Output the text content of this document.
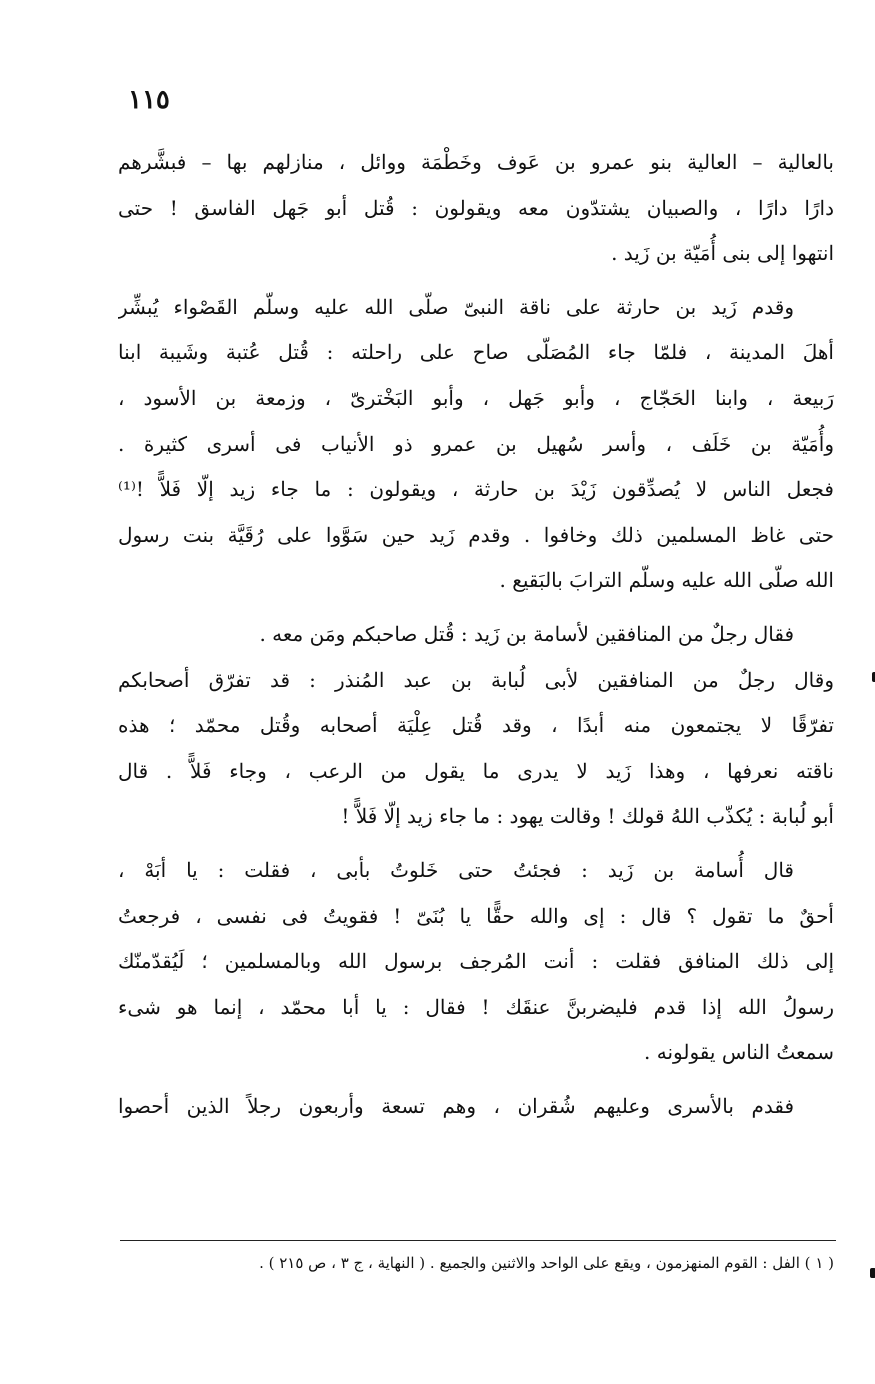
١١٥
بالعالية – العالية بنو عمرو بن عَوف وخَطْمَة ووائل ، منازلهم بها – فبشَّرهم
دارًا دارًا ، والصبيان يشتدّون معه ويقولون : قُتل أبو جَهل الفاسق ! حتى
انتهوا إلى بنى أُمَيّة بن زَيد .
وقدم زَيد بن حارثة على ناقة النبىّ صلّى الله عليه وسلّم القَصْواء يُبشِّر
أهلَ المدينة ، فلمّا جاء المُصَلّى صاح على راحلته : قُتل عُتبة وشَيبة ابنا
رَبيعة ، وابنا الحَجّاج ، وأبو جَهل ، وأبو البَخْترىّ ، وزمعة بن الأسود ،
وأُمَيّة بن خَلَف ، وأسر سُهيل بن عمرو ذو الأنياب فى أسرى كثيرة .
فجعل الناس لا يُصدِّقون زَيْدَ بن حارثة ، ويقولون : ما جاء زيد إلّا فَلاًّ !⁽¹⁾
حتى غاظ المسلمين ذلك وخافوا . وقدم زَيد حين سَوَّوا على رُقَيَّة بنت رسول
الله صلّى الله عليه وسلّم الترابَ بالبَقيع .
فقال رجلٌ من المنافقين لأسامة بن زَيد : قُتل صاحبكم ومَن معه .
وقال رجلٌ من المنافقين لأبى لُبابة بن عبد المُنذر : قد تفرّق أصحابكم
تفرّقًا لا يجتمعون منه أبدًا ، وقد قُتل عِلْيَة أصحابه وقُتل محمّد ؛ هذه
ناقته نعرفها ، وهذا زَيد لا يدرى ما يقول من الرعب ، وجاء فَلاًّ . قال
أبو لُبابة : يُكذّب اللهُ قولك ! وقالت يهود : ما جاء زيد إلّا فَلاًّ !
قال أُسامة بن زَيد : فجئتُ حتى خَلوتُ بأبى ، فقلت : يا أبَهْ ،
أحقٌ ما تقول ؟ قال : إى والله حقًّا يا بُنَىّ ! فقويتُ فى نفسى ، فرجعتُ
إلى ذلك المنافق فقلت : أنت المُرجف برسول الله وبالمسلمين ؛ لَيُقدّمنّك
رسولُ الله إذا قدم فليضربنَّ عنقَك ! فقال : يا أبا محمّد ، إنما هو شىء
سمعتُ الناس يقولونه .
فقدم بالأسرى وعليهم شُقران ، وهم تسعة وأربعون رجلاً الذين أحصوا
( ١ ) الفل : القوم المنهزمون ، ويقع على الواحد والاثنين والجميع . ( النهاية ، ج ٣ ، ص ٢١٥ ) .
